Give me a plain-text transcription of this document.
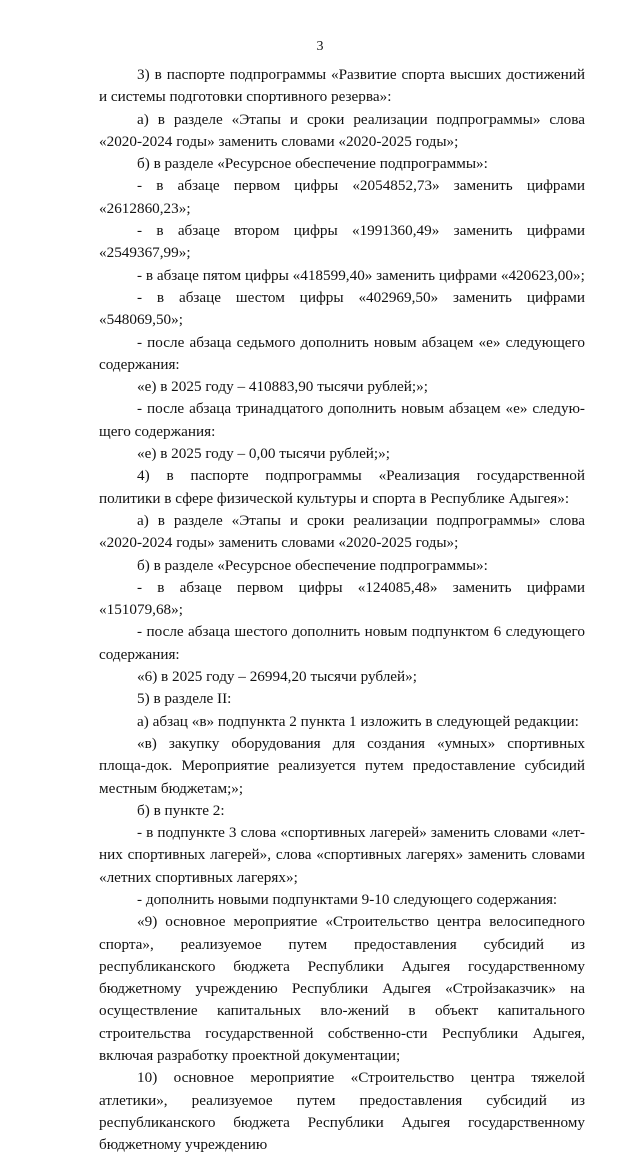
3

3) в паспорте подпрограммы «Развитие спорта высших достижений и системы подготовки спортивного резерва»:

а) в разделе «Этапы и сроки реализации подпрограммы» слова «2020-2024 годы» заменить словами «2020-2025 годы»;

б) в разделе «Ресурсное обеспечение подпрограммы»:

- в абзаце первом цифры «2054852,73» заменить цифрами «2612860,23»;

- в абзаце втором цифры «1991360,49» заменить цифрами «2549367,99»;

- в абзаце пятом цифры «418599,40» заменить цифрами «420623,00»;

- в абзаце шестом цифры «402969,50» заменить цифрами «548069,50»;

- после абзаца седьмого дополнить новым абзацем «е» следующего содержания:

«е) в 2025 году – 410883,90 тысячи рублей;»;

- после абзаца тринадцатого дополнить новым абзацем «е» следую-щего содержания:

«е) в 2025 году – 0,00 тысячи рублей;»;

4) в паспорте подпрограммы «Реализация государственной политики в сфере физической культуры и спорта в Республике Адыгея»:

а) в разделе «Этапы и сроки реализации подпрограммы» слова «2020-2024 годы» заменить словами «2020-2025 годы»;

б) в разделе «Ресурсное обеспечение подпрограммы»:

- в абзаце первом цифры «124085,48» заменить цифрами «151079,68»;

- после абзаца шестого дополнить новым подпунктом 6 следующего содержания:

«6) в 2025 году – 26994,20 тысячи рублей»;

5) в разделе II:

а) абзац «в» подпункта 2 пункта 1 изложить в следующей редакции:

«в) закупку оборудования для создания «умных» спортивных площа-док. Мероприятие реализуется путем предоставление субсидий местным бюджетам;»;

б) в пункте 2:

- в подпункте 3 слова «спортивных лагерей» заменить словами «лет-них спортивных лагерей», слова «спортивных лагерях» заменить словами «летних спортивных лагерях»;

- дополнить новыми подпунктами 9-10 следующего содержания:

«9) основное мероприятие «Строительство центра велосипедного спорта», реализуемое путем предоставления субсидий из республиканского бюджета Республики Адыгея государственному бюджетному учреждению Республики Адыгея «Стройзаказчик» на осуществление капитальных вло-жений в объект капитального строительства государственной собственно-сти Республики Адыгея, включая разработку проектной документации;

10) основное мероприятие «Строительство центра тяжелой атлетики», реализуемое путем предоставления субсидий из республиканского бюджета Республики Адыгея государственному бюджетному учреждению
